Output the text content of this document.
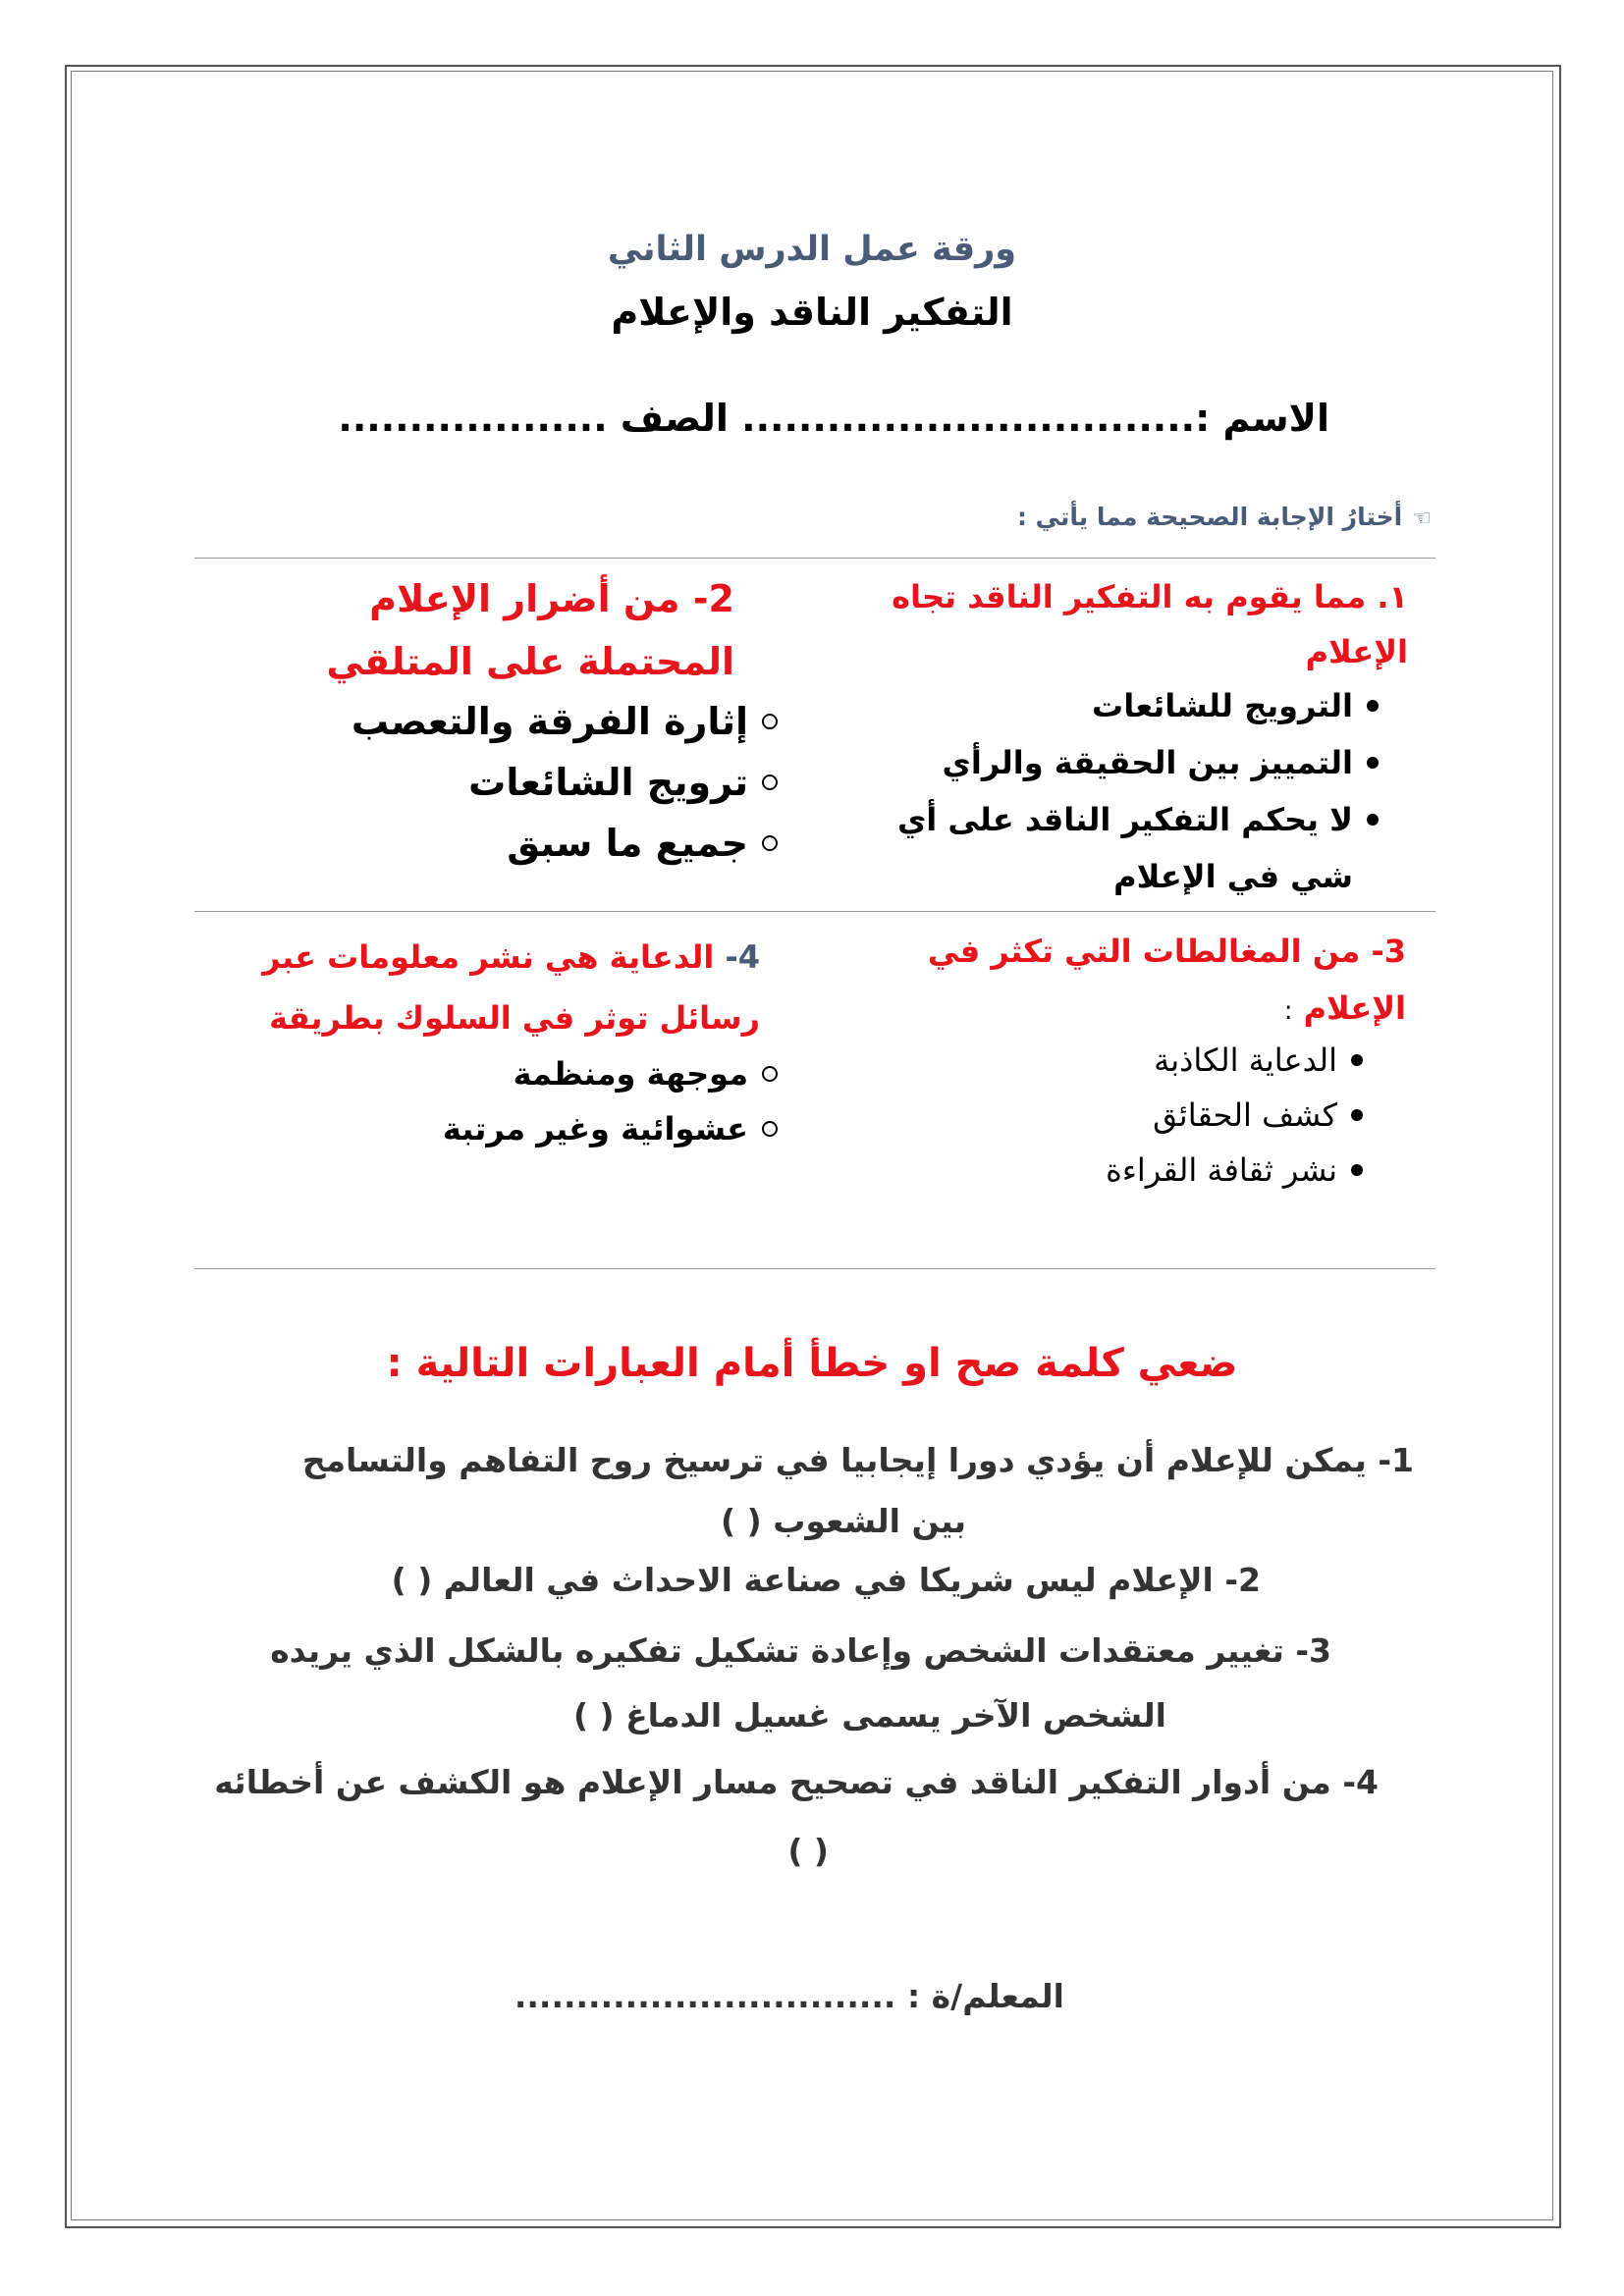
ورقة عمل الدرس الثاني
التفكير الناقد والإعلام
الاسم :................................ الصف ...................
☜أختارُ الإجابة الصحيحة مما يأتي :
١. مما يقوم به التفكير الناقد تجاه
الإعلام
الترويج للشائعات
التمييز بين الحقيقة والرأي
لا يحكم التفكير الناقد على أي
شي في الإعلام
2- من أضرار الإعلام
المحتملة على المتلقي
إثارة الفرقة والتعصب
ترويج الشائعات
جميع ما سبق
3- من المغالطات التي تكثر في
الإعلام :
الدعاية الكاذبة
كشف الحقائق
نشر ثقافة القراءة
4- الدعاية هي نشر معلومات عبر
رسائل توثر في السلوك بطريقة
موجهة ومنظمة
عشوائية وغير مرتبة
ضعي كلمة صح او خطأ أمام العبارات التالية :
1- يمكن للإعلام أن يؤدي دورا إيجابيا في ترسيخ روح التفاهم والتسامح
بين الشعوب ( )
2- الإعلام ليس شريكا في صناعة الاحداث في العالم ( )
3- تغيير معتقدات الشخص وإعادة تشكيل تفكيره بالشكل الذي يريده
الشخص الآخر يسمى غسيل الدماغ ( )
4- من أدوار التفكير الناقد في تصحيح مسار الإعلام هو الكشف عن أخطائه
( )
المعلم/ة : ...............................
